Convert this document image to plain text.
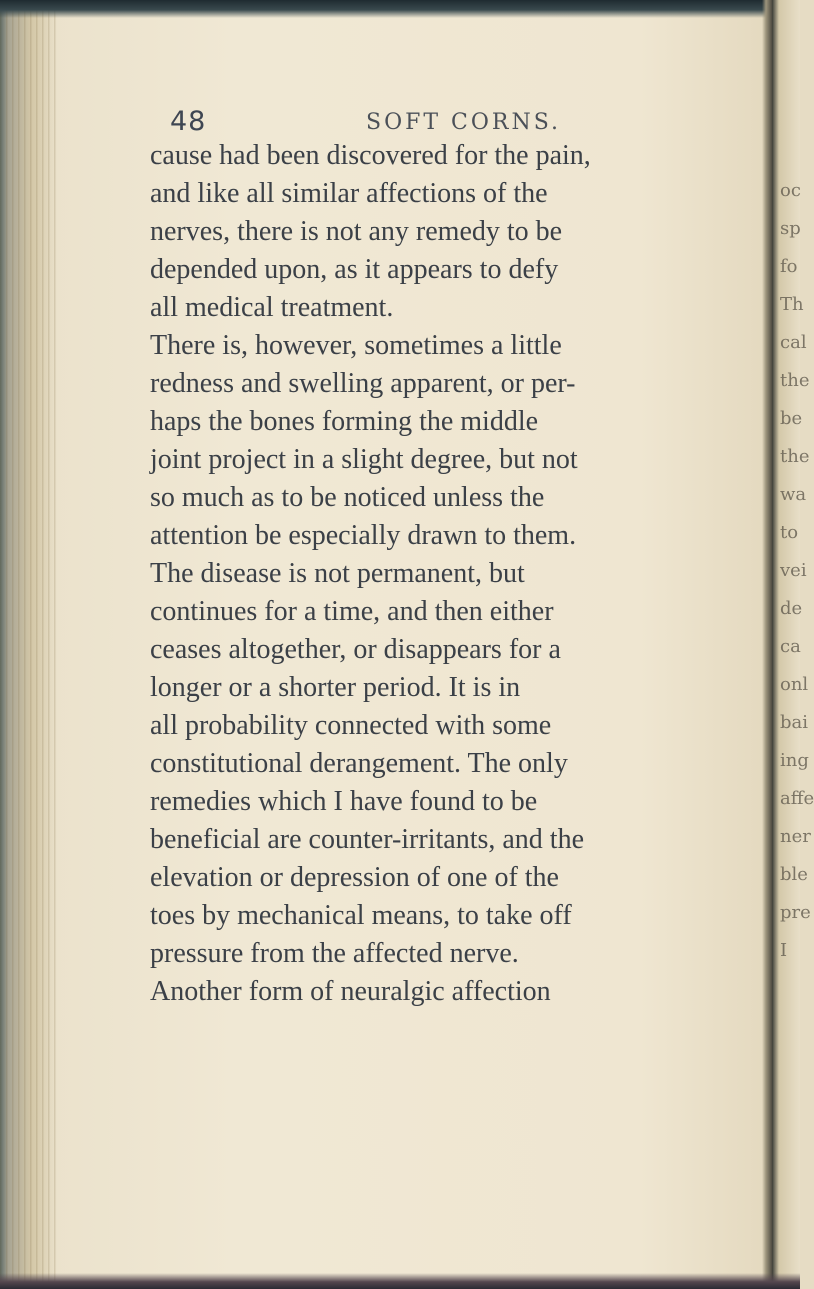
oc
sp
fo
Th
cal
the
be
the
wa
to
vei
de
ca
onl
bai
ing
affe
ner
ble
pre
I
48	SOFT CORNS.
cause had been discovered for the pain,
and like all similar affections of the
nerves, there is not any remedy to be
depended upon, as it appears to defy
all medical treatment.
There is, however, sometimes a little
redness and swelling apparent, or per-
haps the bones forming the middle
joint project in a slight degree, but not
so much as to be noticed unless the
attention be especially drawn to them.
The disease is not permanent, but
continues for a time, and then either
ceases altogether, or disappears for a
longer or a shorter period. It is in
all probability connected with some
constitutional derangement. The only
remedies which I have found to be
beneficial are counter-irritants, and the
elevation or depression of one of the
toes by mechanical means, to take off
pressure from the affected nerve.
Another form of neuralgic affection
